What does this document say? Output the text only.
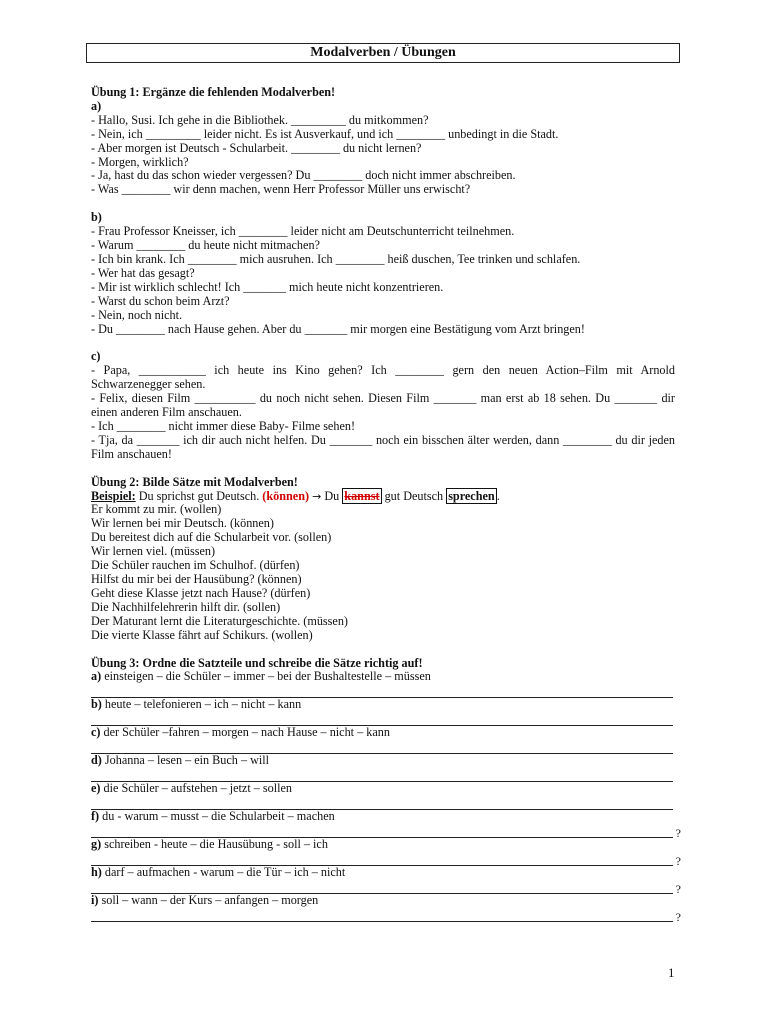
Modalverben / Übungen

Übung 1: Ergänze die fehlenden Modalverben!

a)

- Hallo, Susi. Ich gehe in die Bibliothek. _________ du mitkommen?

- Nein, ich _________ leider nicht. Es ist Ausverkauf, und ich ________ unbedingt in die Stadt.

- Aber morgen ist Deutsch - Schularbeit. ________ du nicht lernen?

- Morgen, wirklich?

- Ja, hast du das schon wieder vergessen? Du ________ doch nicht immer abschreiben.

- Was ________ wir denn machen, wenn Herr Professor Müller uns erwischt?

b)

- Frau Professor Kneisser, ich ________ leider nicht am Deutschunterricht teilnehmen.

- Warum ________ du heute nicht mitmachen?

- Ich bin krank. Ich ________ mich ausruhen. Ich ________ heiß duschen, Tee trinken und schlafen.

- Wer hat das gesagt?

- Mir ist wirklich schlecht! Ich _______ mich heute nicht konzentrieren.

- Warst du schon beim Arzt?

- Nein, noch nicht.

- Du ________ nach Hause gehen. Aber du _______ mir morgen eine Bestätigung vom Arzt bringen!

c)

- Papa, ___________ ich heute ins Kino gehen? Ich ________ gern den neuen Action–Film mit Arnold Schwarzenegger sehen.

- Felix, diesen Film __________ du noch nicht sehen. Diesen Film _______ man erst ab 18 sehen. Du _______ dir einen anderen Film anschauen.

- Ich ________ nicht immer diese Baby- Filme sehen!

- Tja, da _______ ich dir auch nicht helfen. Du _______ noch ein bisschen älter werden, dann ________ du dir jeden Film anschauen!

Übung 2: Bilde Sätze mit Modalverben!

Beispiel: Du sprichst gut Deutsch. (können) → Du kannst gut Deutsch sprechen .

Er kommt zu mir. (wollen)

Wir lernen bei mir Deutsch. (können)

Du bereitest dich auf die Schularbeit vor. (sollen)

Wir lernen viel. (müssen)

Die Schüler rauchen im Schulhof. (dürfen)

Hilfst du mir bei der Hausübung? (können)

Geht diese Klasse jetzt nach Hause? (dürfen)

Die Nachhilfelehrerin hilft dir. (sollen)

Der Maturant lernt die Literaturgeschichte. (müssen)

Die vierte Klasse fährt auf Schikurs. (wollen)

Übung 3: Ordne die Satzteile und schreibe die Sätze richtig auf!

a) einsteigen – die Schüler – immer – bei der Bushaltestelle – müssen

b) heute – telefonieren – ich – nicht – kann

c) der Schüler –fahren – morgen – nach Hause – nicht – kann

d) Johanna – lesen – ein Buch – will

e) die Schüler – aufstehen – jetzt – sollen

f) du - warum – musst – die Schularbeit – machen

?

g) schreiben - heute – die Hausübung - soll – ich

?

h) darf – aufmachen - warum – die Tür – ich – nicht

?

i) soll – wann – der Kurs – anfangen – morgen

?
1
